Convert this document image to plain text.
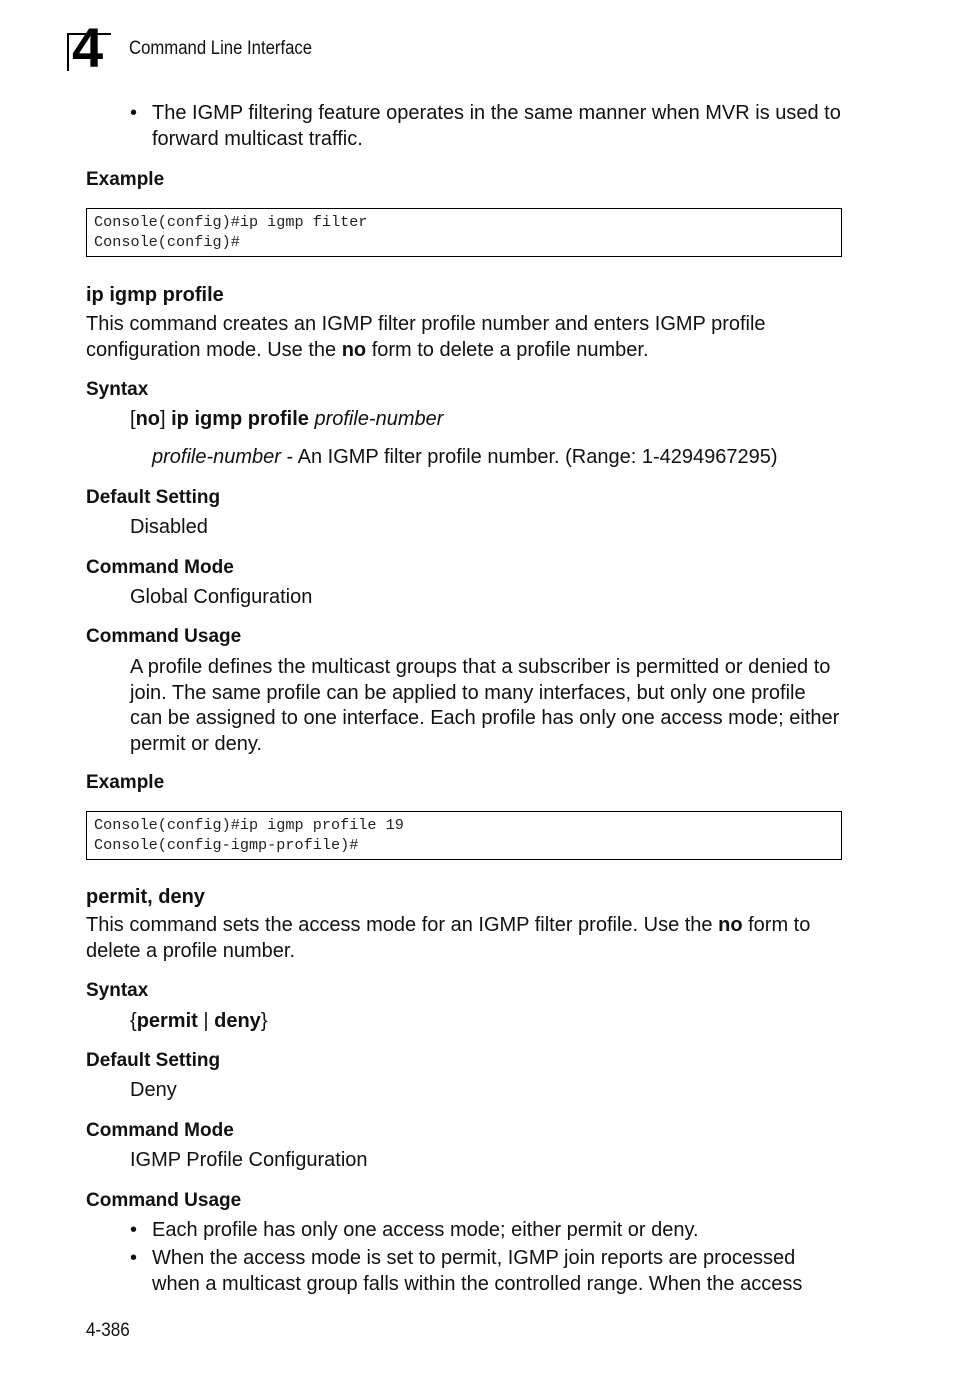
4 Command Line Interface
• The IGMP filtering feature operates in the same manner when MVR is used to forward multicast traffic.
Example
Console(config)#ip igmp filter
Console(config)#
ip igmp profile
This command creates an IGMP filter profile number and enters IGMP profile configuration mode. Use the no form to delete a profile number.
Syntax
[no] ip igmp profile profile-number
profile-number - An IGMP filter profile number. (Range: 1-4294967295)
Default Setting
Disabled
Command Mode
Global Configuration
Command Usage
A profile defines the multicast groups that a subscriber is permitted or denied to join. The same profile can be applied to many interfaces, but only one profile can be assigned to one interface. Each profile has only one access mode; either permit or deny.
Example
Console(config)#ip igmp profile 19
Console(config-igmp-profile)#
permit, deny
This command sets the access mode for an IGMP filter profile. Use the no form to delete a profile number.
Syntax
{permit | deny}
Default Setting
Deny
Command Mode
IGMP Profile Configuration
Command Usage
• Each profile has only one access mode; either permit or deny.
• When the access mode is set to permit, IGMP join reports are processed when a multicast group falls within the controlled range. When the access
4-386
